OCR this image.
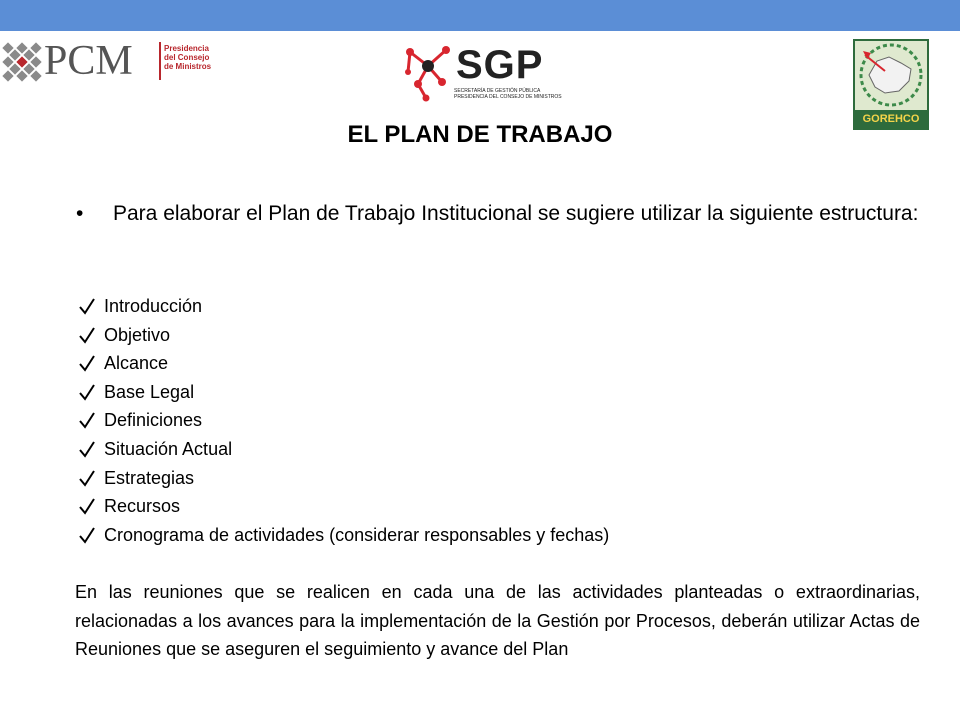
PCM	Presidencia
del Consejo
de Ministros	SGP
SECRETARÍA DE GESTIÓN PÚBLICA
PRESIDENCIA DEL CONSEJO DE MINISTROS
GOREHCO
EL PLAN DE TRABAJO
• Para elaborar el Plan de Trabajo Institucional se sugiere utilizar la siguiente estructura:
Introducción
Objetivo
Alcance
Base Legal
Definiciones
Situación Actual
Estrategias
Recursos
Cronograma de actividades (considerar responsables y fechas)

En las reuniones que se realicen en cada una de las actividades planteadas o extraordinarias, relacionadas a los avances para la implementación de la Gestión por Procesos, deberán utilizar Actas de Reuniones que se aseguren el seguimiento y avance del Plan
